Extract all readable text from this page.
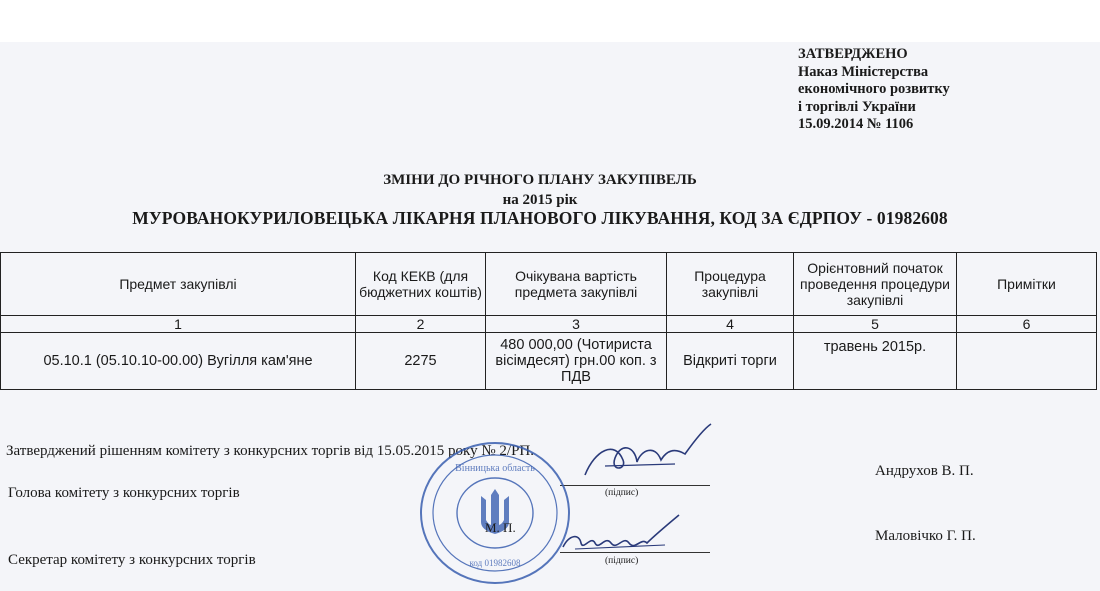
ЗАТВЕРДЖЕНО
Наказ Міністерства
економічного розвитку
і торгівлі України
15.09.2014 № 1106
ЗМІНИ ДО РІЧНОГО ПЛАНУ ЗАКУПІВЕЛЬ
на 2015 рік
МУРОВАНОКУРИЛОВЕЦЬКА ЛІКАРНЯ ПЛАНОВОГО ЛІКУВАННЯ, КОД ЗА ЄДРПОУ - 01982608
Предмет закупівлі	Код КЕКВ (для бюджетних коштів)	Очікувана вартість предмета закупівлі	Процедура закупівлі	Орієнтовний початок проведення процедури закупівлі	Примітки
1	2	3	4	5	6
05.10.1 (05.10.10-00.00) Вугілля кам'яне	2275	480 000,00 (Чотириста вісімдесят) грн.00 коп. з ПДВ	Відкриті торги	травень 2015р.	
Затверджений рішенням комітету з конкурсних торгів від 15.05.2015 року № 2/РП.
Голова комітету з конкурсних торгів
Андрухов В. П.
(підпис)
Секретар комітету з конкурсних торгів
Маловічко Г. П.
(підпис)
Вінницька область
код 01982608
М. П.
